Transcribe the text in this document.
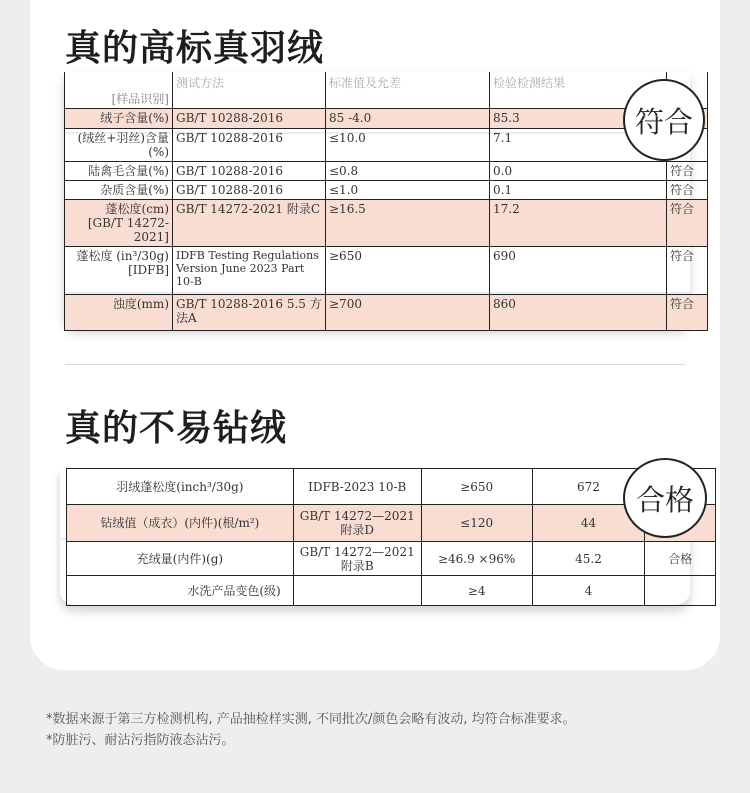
真的高标真羽绒
[样品识别]	测试方法	标准值及允差	检验检测结果	
绒子含量(%)	GB/T 10288-2016	85 -4.0	85.3	
(绒丝+羽丝)含量(%)	GB/T 10288-2016	≤10.0	7.1	
陆禽毛含量(%)	GB/T 10288-2016	≤0.8	0.0	符合
杂质含量(%)	GB/T 10288-2016	≤1.0	0.1	符合
蓬松度(cm) [GB/T 14272-2021]	GB/T 14272-2021 附录C	≥16.5	17.2	符合
蓬松度 (in³/30g) [IDFB]	IDFB Testing Regulations Version June 2023 Part 10-B	≥650	690	符合
浊度(mm)	GB/T 10288-2016 5.5 方法A	≥700	860	符合
符合
真的不易钻绒
羽绒蓬松度(inch³/30g)	IDFB-2023 10-B	≥650	672	
钻绒值（成衣）(内件)(根/m²)	GB/T 14272—2021 附录D	≤120	44	
充绒量(内件)(g)	GB/T 14272—2021 附录B	≥46.9 ×96%	45.2	合格
水洗产品变色(级)		≥4	4	
合格

*数据来源于第三方检测机构, 产品抽检样实测, 不同批次/颜色会略有波动, 均符合标准要求。

*防脏污、耐沾污指防液态沾污。
